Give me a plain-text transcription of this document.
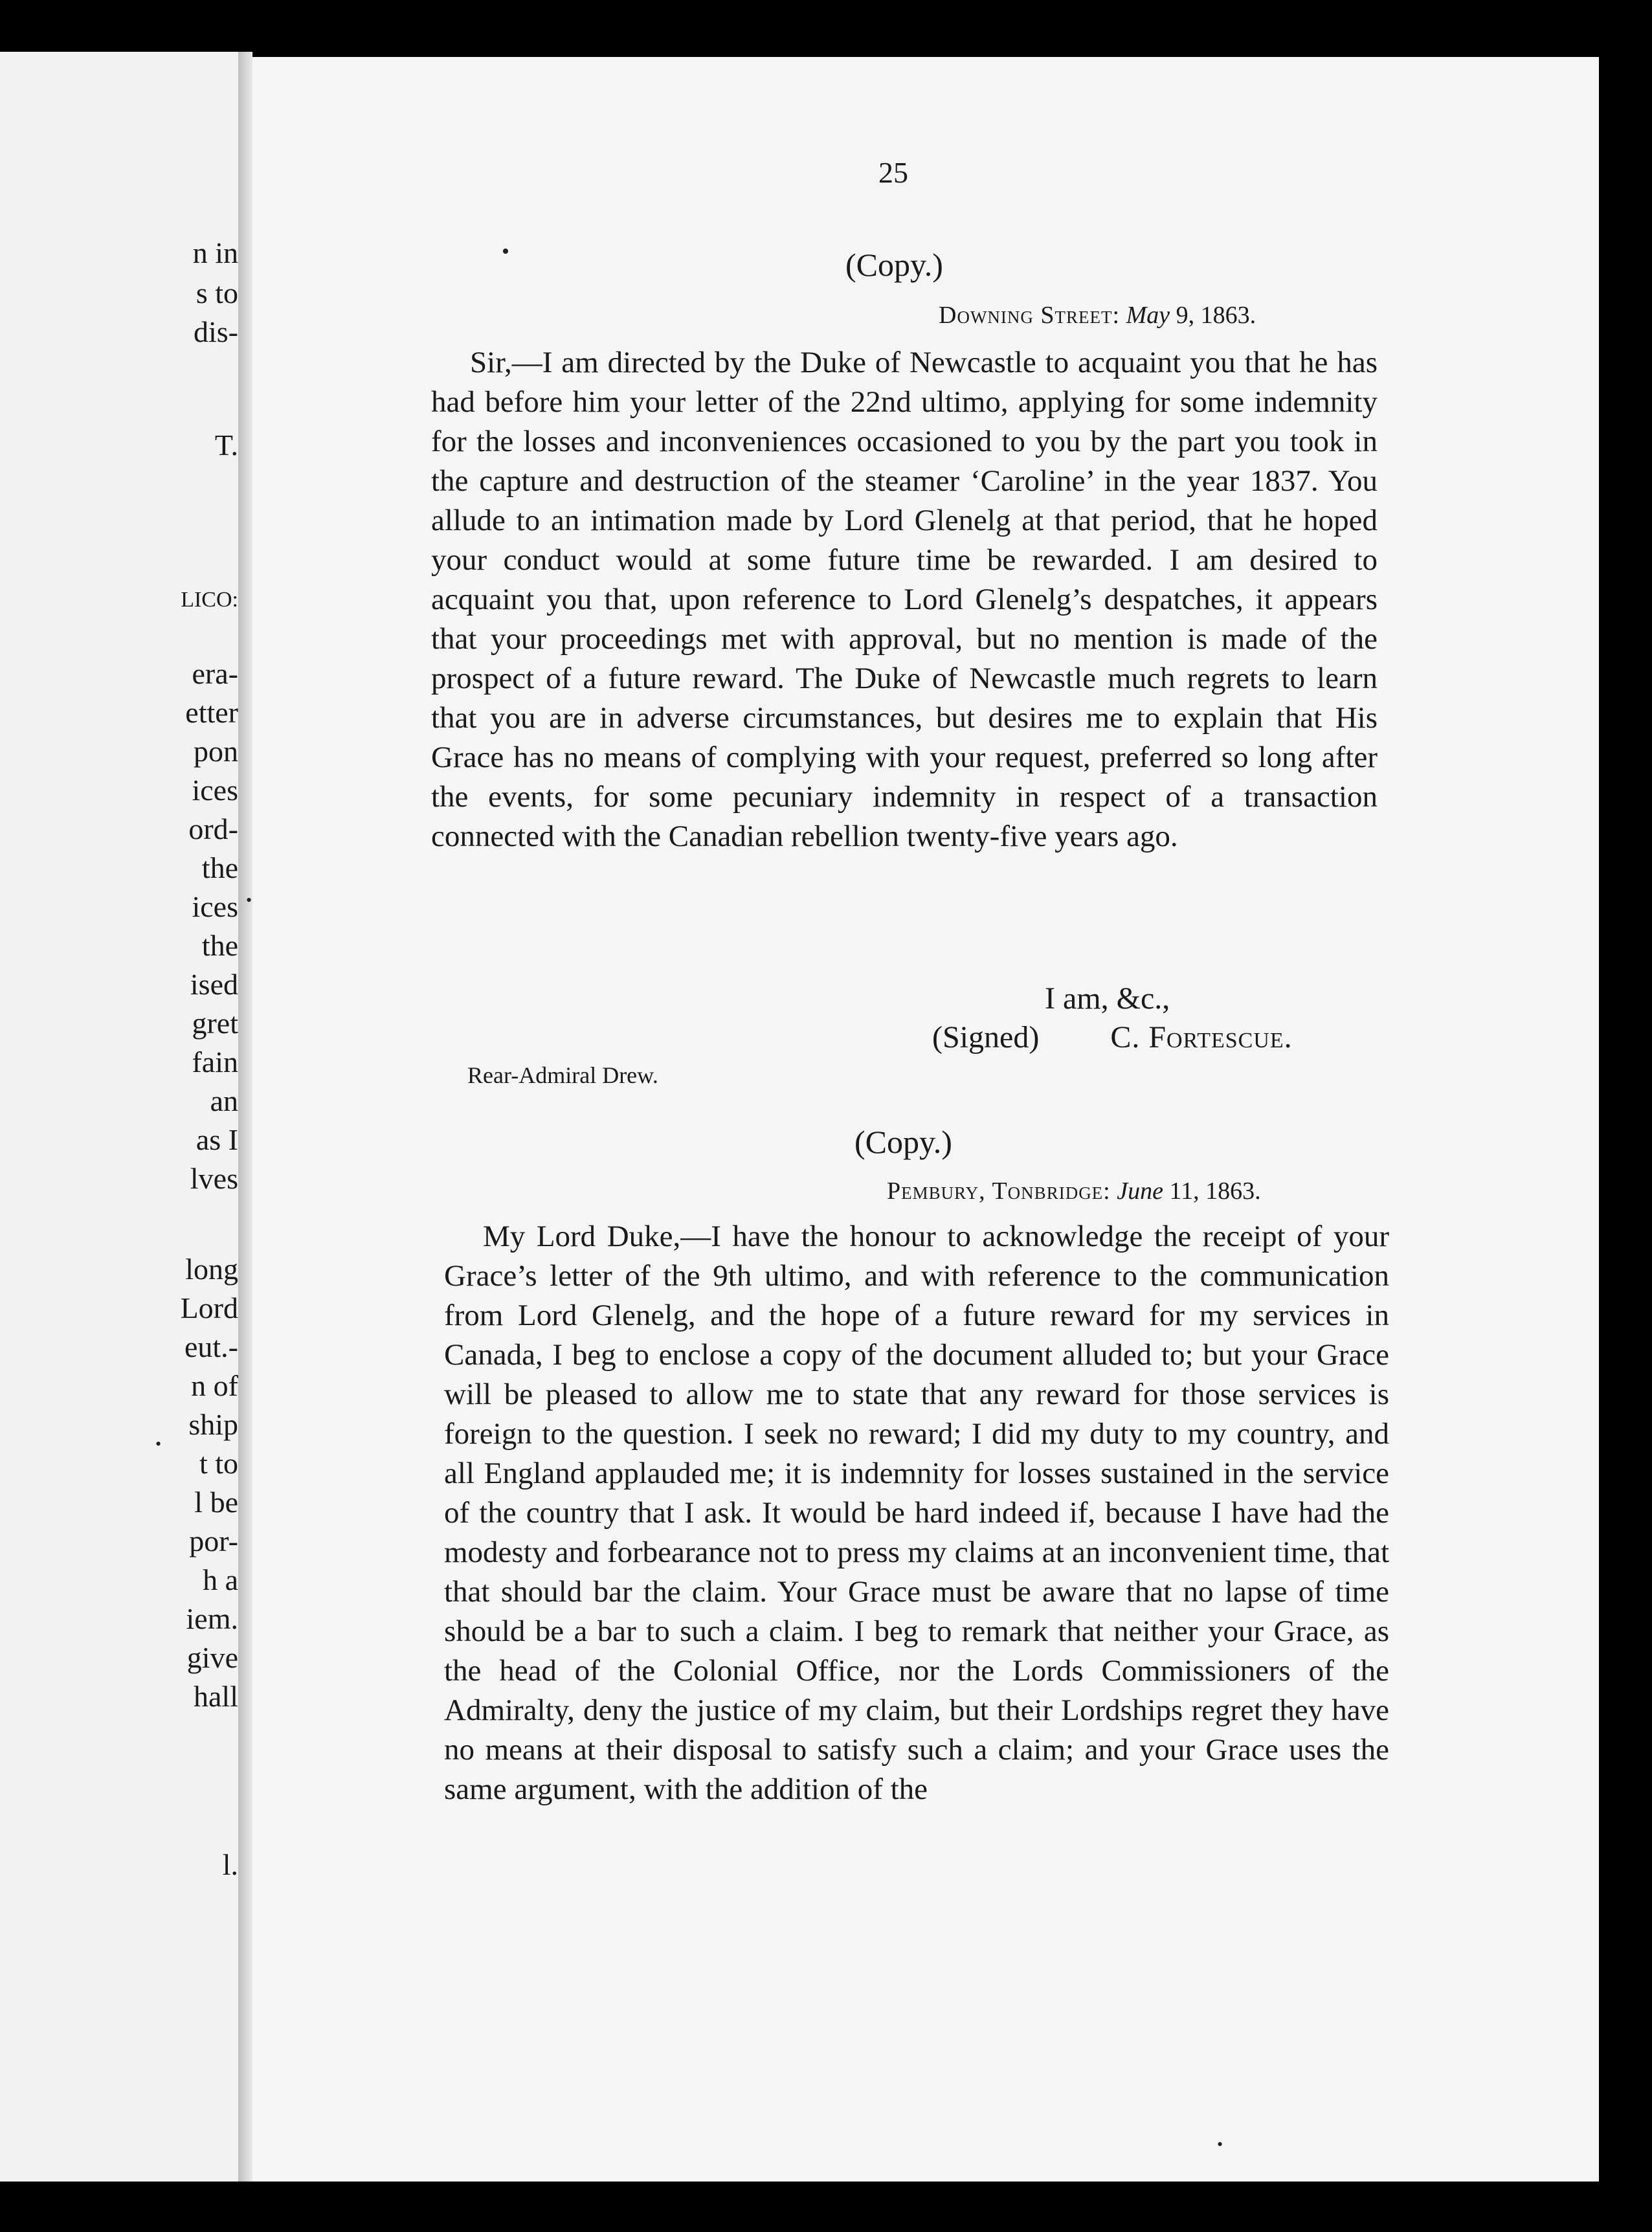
n in
s to
dis-
T.
LICO:
era-
etter
pon
ices
ord-
the
ices
the
ised
gret
fain
an
as I
lves
long
Lord
eut.-
n of
ship
t to
l be
por-
h a
iem.
give
hall
l.
•
•
•
•
25
(Copy.)
Downing Street: May 9, 1863.

Sir,—I am directed by the Duke of Newcastle to acquaint you that he has had before him your letter of the 22nd ultimo, applying for some indemnity for the losses and inconveniences occasioned to you by the part you took in the capture and destruction of the steamer ‘Caroline’ in the year 1837. You allude to an intimation made by Lord Glenelg at that period, that he hoped your conduct would at some future time be rewarded. I am desired to acquaint you that, upon reference to Lord Glenelg’s despatches, it appears that your proceedings met with approval, but no mention is made of the prospect of a future reward. The Duke of Newcastle much regrets to learn that you are in adverse circumstances, but desires me to explain that His Grace has no means of complying with your request, preferred so long after the events, for some pecuniary indemnity in respect of a transaction connected with the Canadian rebellion twenty-five years ago.

I am, &c.,
(Signed) C. Fortescue.
Rear-Admiral Drew.
(Copy.)
Pembury, Tonbridge: June 11, 1863.

My Lord Duke,—I have the honour to acknowledge the receipt of your Grace’s letter of the 9th ultimo, and with reference to the communication from Lord Glenelg, and the hope of a future reward for my services in Canada, I beg to enclose a copy of the document alluded to; but your Grace will be pleased to allow me to state that any reward for those services is foreign to the question. I seek no reward; I did my duty to my country, and all England applauded me; it is indemnity for losses sustained in the service of the country that I ask. It would be hard indeed if, because I have had the modesty and forbearance not to press my claims at an inconvenient time, that that should bar the claim. Your Grace must be aware that no lapse of time should be a bar to such a claim. I beg to remark that neither your Grace, as the head of the Colonial Office, nor the Lords Commissioners of the Admiralty, deny the justice of my claim, but their Lordships regret they have no means at their disposal to satisfy such a claim; and your Grace uses the same argument, with the addition of the
